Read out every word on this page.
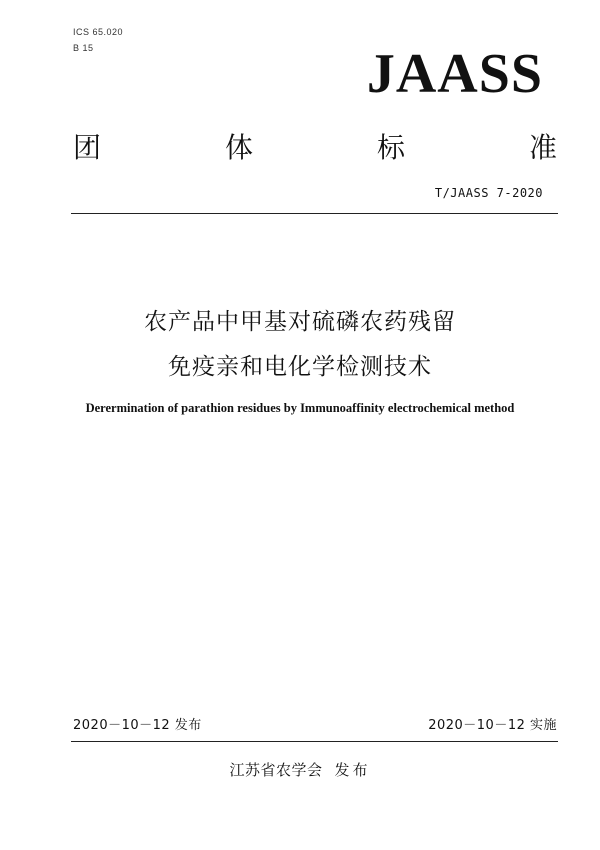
ICS 65.020
B 15	JAASS
团	体	标	准
T/JAASS 7-2020
农产品中甲基对硫磷农药残留
免疫亲和电化学检测技术
Derermination of parathion residues by Immunoaffinity electrochemical method
2020－10－12 发布	2020－10－12 实施
江苏省农学会 发布
